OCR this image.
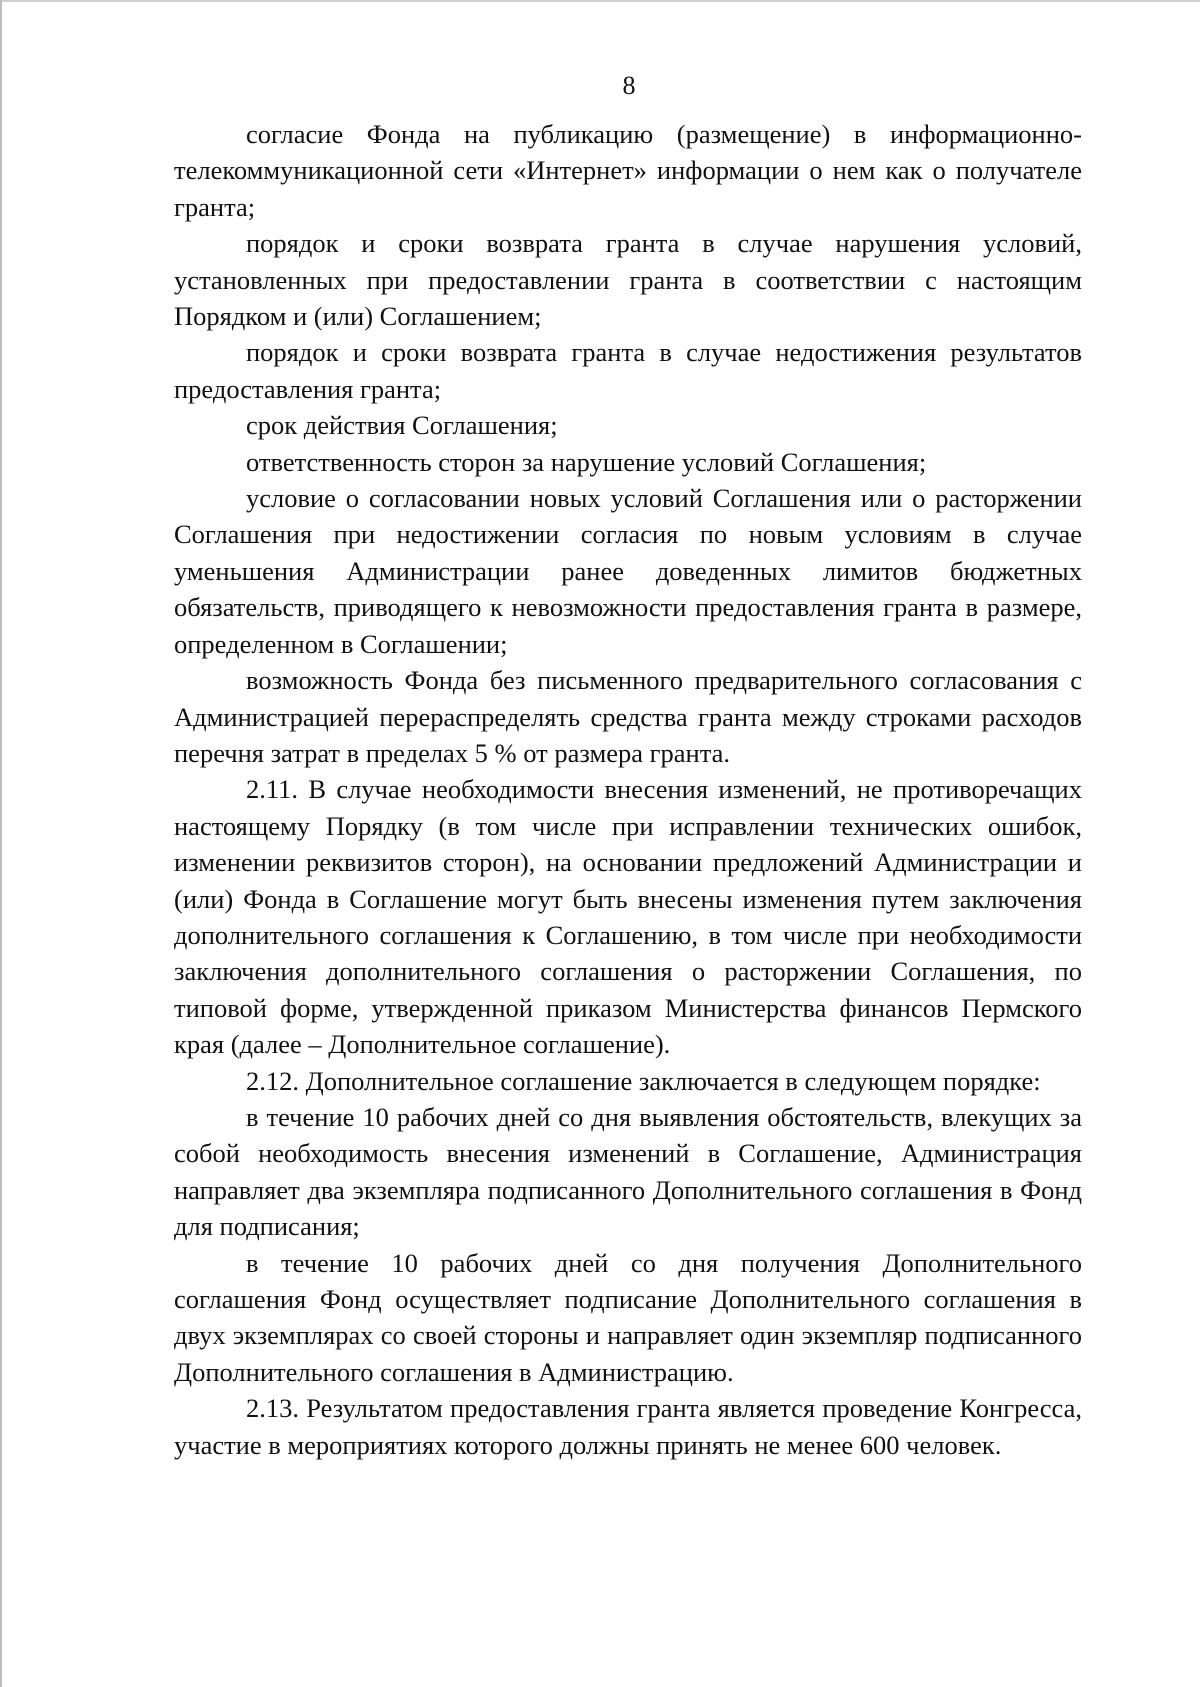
8

согласие Фонда на публикацию (размещение) в информационно-телекоммуникационной сети «Интернет» информации о нем как о получателе гранта;

порядок и сроки возврата гранта в случае нарушения условий, установленных при предоставлении гранта в соответствии с настоящим Порядком и (или) Соглашением;

порядок и сроки возврата гранта в случае недостижения результатов предоставления гранта;

срок действия Соглашения;

ответственность сторон за нарушение условий Соглашения;

условие о согласовании новых условий Соглашения или о расторжении Соглашения при недостижении согласия по новым условиям в случае уменьшения Администрации ранее доведенных лимитов бюджетных обязательств, приводящего к невозможности предоставления гранта в размере, определенном в Соглашении;

возможность Фонда без письменного предварительного согласования с Администрацией перераспределять средства гранта между строками расходов перечня затрат в пределах 5 % от размера гранта.

2.11. В случае необходимости внесения изменений, не противоречащих настоящему Порядку (в том числе при исправлении технических ошибок, изменении реквизитов сторон), на основании предложений Администрации и (или) Фонда в Соглашение могут быть внесены изменения путем заключения дополнительного соглашения к Соглашению, в том числе при необходимости заключения дополнительного соглашения о расторжении Соглашения, по типовой форме, утвержденной приказом Министерства финансов Пермского края (далее – Дополнительное соглашение).

2.12. Дополнительное соглашение заключается в следующем порядке:

в течение 10 рабочих дней со дня выявления обстоятельств, влекущих за собой необходимость внесения изменений в Соглашение, Администрация направляет два экземпляра подписанного Дополнительного соглашения в Фонд для подписания;

в течение 10 рабочих дней со дня получения Дополнительного соглашения Фонд осуществляет подписание Дополнительного соглашения в двух экземплярах со своей стороны и направляет один экземпляр подписанного Дополнительного соглашения в Администрацию.

2.13. Результатом предоставления гранта является проведение Конгресса, участие в мероприятиях которого должны принять не менее 600 человек.
